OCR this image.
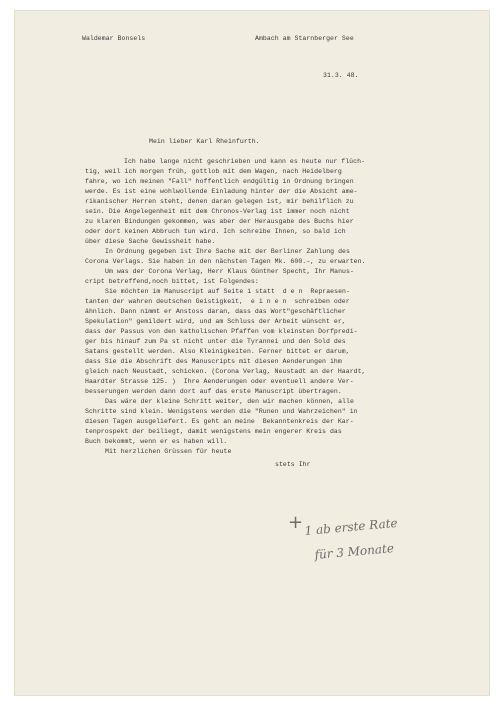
Waldemar Bonsels	Ambach am Starnberger See
31.3. 48.
Mein lieber Karl Rheinfurth.
Ich habe lange nicht geschrieben und kann es heute nur flüch-
tig, weil ich morgen früh, gottlob mit dem Wagen, nach Heidelberg
fahre, wo ich meinen "Fall" hoffentlich endgültig in Ordnung bringen
werde. Es ist eine wohlwollende Einladung hinter der die Absicht ame-
rikanischer Herren steht, denen daran gelegen ist, mir behilflich zu
sein. Die Angelegenheit mit dem Chronos-Verlag ist immer noch nicht
zu klaren Bindungen gekommen, was aber der Herausgabe des Buchs hier
oder dort keinen Abbruch tun wird. Ich schreibe Ihnen, so bald ich
über diese Sache Gewissheit habe.
In Ordnung gegeben ist Ihre Sache mit der Berliner Zahlung des
Corona Verlags. Sie haben in den nächsten Tagen Mk. 600.–, zu erwarten.
Um was der Corona Verlag, Herr Klaus Günther Specht, Ihr Manus-
cript betreffend,noch bittet, ist Folgendes:
Sie möchten im Manuscript auf Seite i statt  d e n  Repraesen-
tanten der wahren deutschen Geistigkeit,  e i n e n  schreiben oder
ähnlich. Dann nimmt er Anstoss daran, dass das Wort"geschäftlicher
Spekulation" gemildert wird, und am Schluss der Arbeit wünscht er,
dass der Passus von den katholischen Pfaffen vom kleinsten Dorfpredi-
ger bis hinauf zum Pa st nicht unter die Tyrannei und den Sold des
Satans gestellt werden. Also Kleinigkeiten. Ferner bittet er darum,
dass Sie die Abschrift des Manuscripts mit diesen Aenderungen ihm
gleich nach Neustadt, schicken. (Corona Verlag, Neustadt an der Haardt,
Haardter Strasse 125. )  Ihre Aenderungen oder eventuell andere Ver-
besserungen werden dann dort auf das erste Manuscript übertragen.
Das wäre der kleine Schritt weiter, den wir machen können, alle
Schritte sind klein. Wenigstens werden die "Runen und Wahrzeichen" in
diesen Tagen ausgeliefert. Es geht an meine  Bekanntenkreis der Kar-
tenprospekt der beiliegt, damit wenigstens mein engerer Kreis das
Buch bekommt, wenn er es haben will.
Mit herzlichen Grüssen für heute
stets Ihr
+ 1 ab erste Rate
für 3 Monate
